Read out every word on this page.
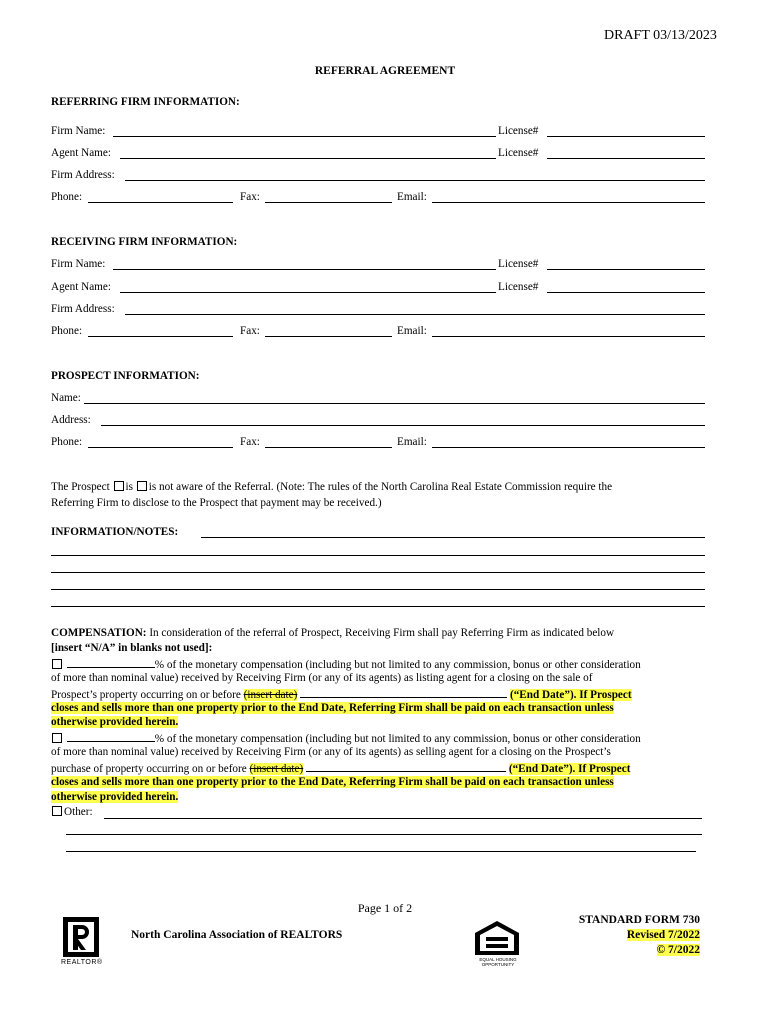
DRAFT 03/13/2023
REFERRAL AGREEMENT
REFERRING FIRM INFORMATION:
Firm Name:	License#
Agent Name:	License#
Firm Address:
Phone:	Fax:	Email:
RECEIVING FIRM INFORMATION:
Firm Name:	License#
Agent Name:	License#
Firm Address:
Phone:	Fax:	Email:
PROSPECT INFORMATION:
Name:
Address:
Phone:	Fax:	Email:
The Prospect is is not aware of the Referral. (Note: The rules of the North Carolina Real Estate Commission require the
Referring Firm to disclose to the Prospect that payment may be received.)
INFORMATION/NOTES:
COMPENSATION: In consideration of the referral of Prospect, Receiving Firm shall pay Referring Firm as indicated below
[insert “N/A” in blanks not used]:
% of the monetary compensation (including but not limited to any commission, bonus or other consideration
of more than nominal value) received by Receiving Firm (or any of its agents) as listing agent for a closing on the sale of
Prospect’s property occurring on or before (insert date)	(“End Date”). If Prospect
closes and sells more than one property prior to the End Date, Referring Firm shall be paid on each transaction unless
otherwise provided herein.
% of the monetary compensation (including but not limited to any commission, bonus or other consideration
of more than nominal value) received by Receiving Firm (or any of its agents) as selling agent for a closing on the Prospect’s
purchase of property occurring on or before (insert date)	(“End Date”). If Prospect
closes and sells more than one property prior to the End Date, Referring Firm shall be paid on each transaction unless
otherwise provided herein.
Other:
Page 1 of 2
REALTOR®
North Carolina Association of REALTORS
EQUAL HOUSING OPPORTUNITY
STANDARD FORM 730
Revised 7/2022
© 7/2022
